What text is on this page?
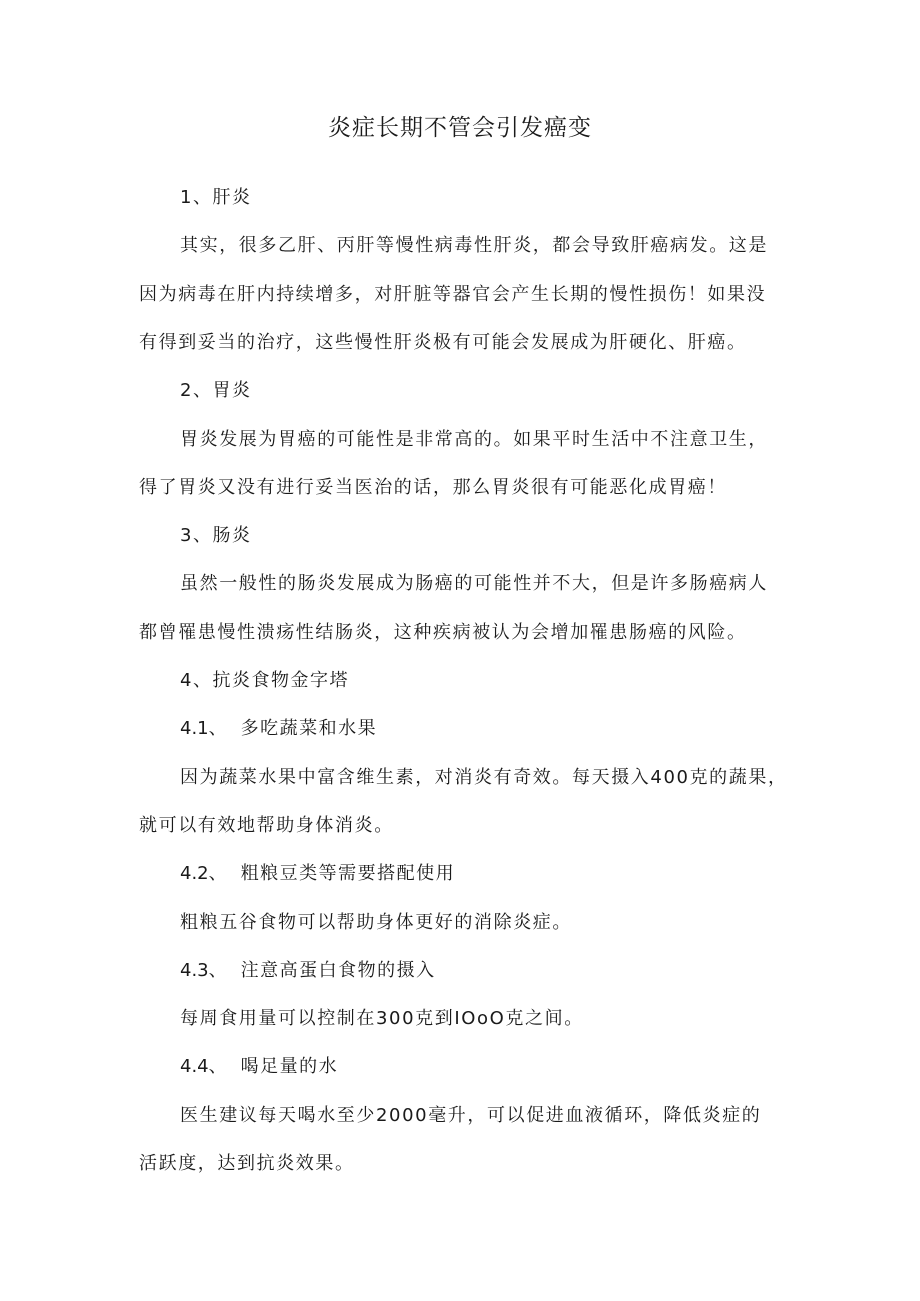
炎症长期不管会引发癌变
1、肝炎
其实，很多乙肝、丙肝等慢性病毒性肝炎，都会导致肝癌病发。这是
因为病毒在肝内持续增多，对肝脏等器官会产生长期的慢性损伤！如果没
有得到妥当的治疗，这些慢性肝炎极有可能会发展成为肝硬化、肝癌。
2、胃炎
胃炎发展为胃癌的可能性是非常高的。如果平时生活中不注意卫生，
得了胃炎又没有进行妥当医治的话，那么胃炎很有可能恶化成胃癌！
3、肠炎
虽然一般性的肠炎发展成为肠癌的可能性并不大，但是许多肠癌病人
都曾罹患慢性溃疡性结肠炎，这种疾病被认为会增加罹患肠癌的风险。
4、抗炎食物金字塔
4.1、 多吃蔬菜和水果
因为蔬菜水果中富含维生素，对消炎有奇效。每天摄入400克的蔬果，
就可以有效地帮助身体消炎。
4.2、 粗粮豆类等需要搭配使用
粗粮五谷食物可以帮助身体更好的消除炎症。
4.3、 注意高蛋白食物的摄入
每周食用量可以控制在300克到IOoO克之间。
4.4、 喝足量的水
医生建议每天喝水至少2000毫升，可以促进血液循环，降低炎症的
活跃度，达到抗炎效果。
